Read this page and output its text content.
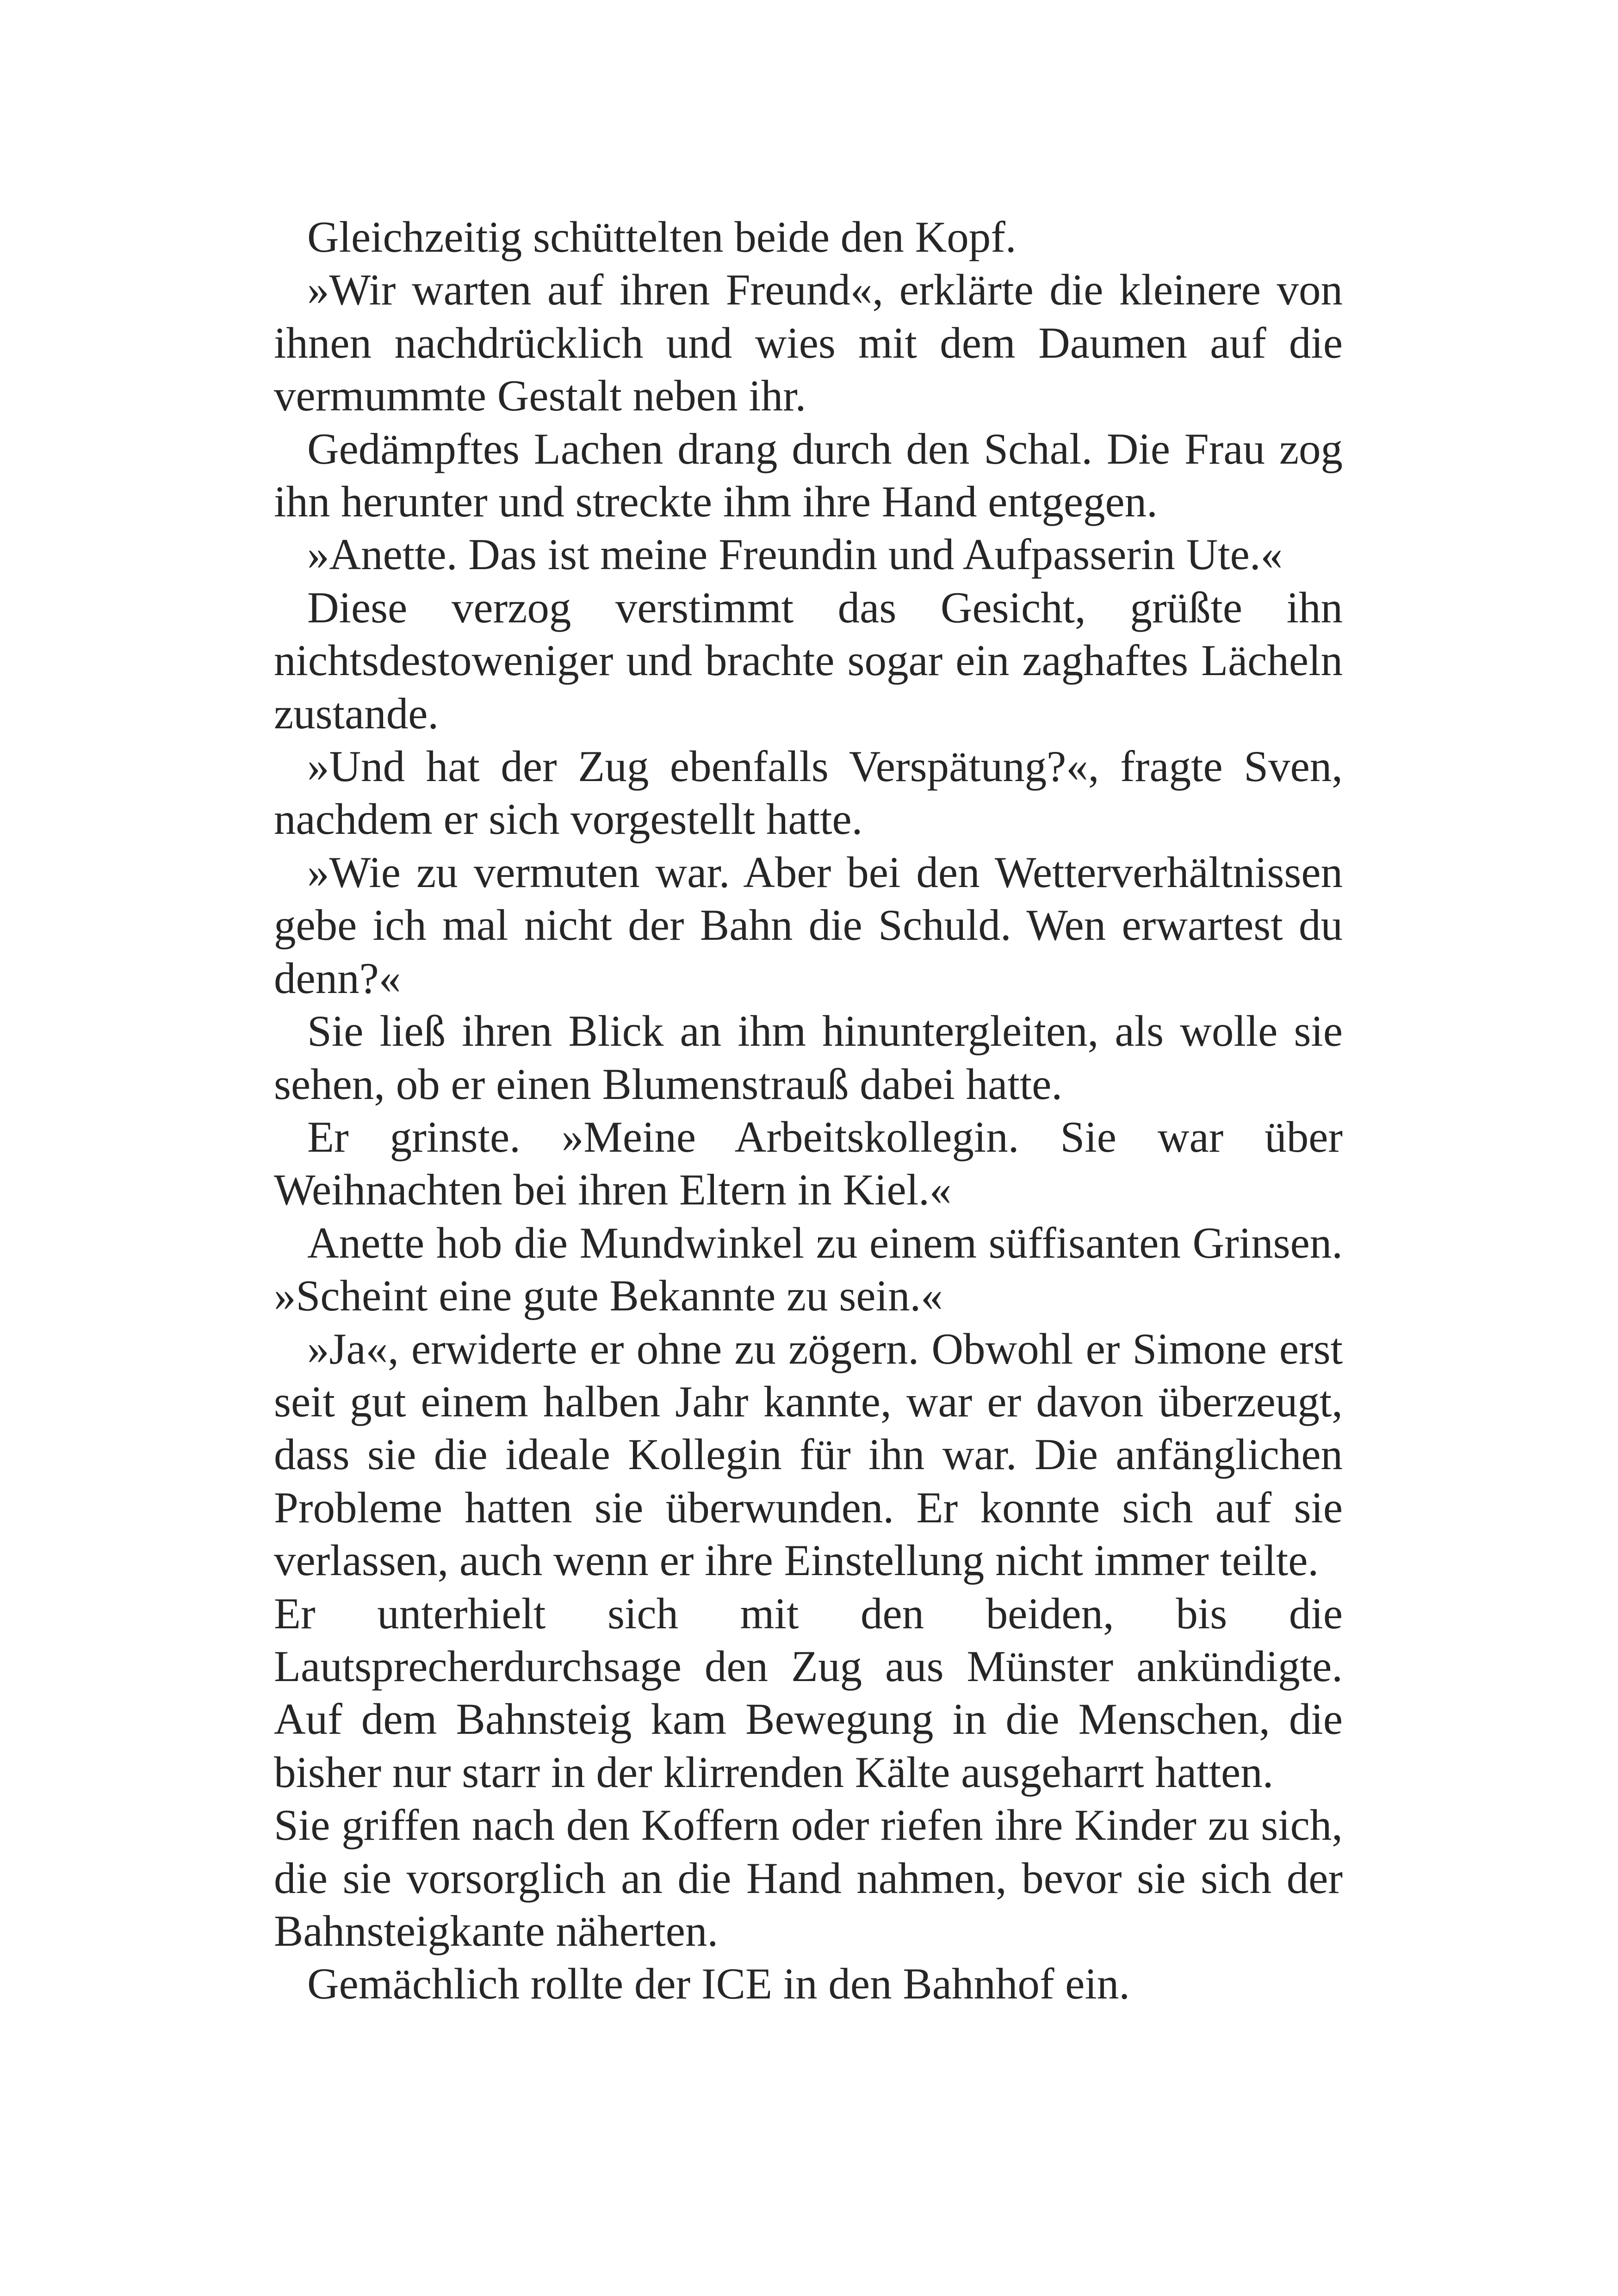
Gleichzeitig schüttelten beide den Kopf.

»Wir warten auf ihren Freund«, erklärte die kleinere von ihnen nachdrücklich und wies mit dem Daumen auf die vermummte Gestalt neben ihr.

Gedämpftes Lachen drang durch den Schal. Die Frau zog ihn herunter und streckte ihm ihre Hand entgegen.

»Anette. Das ist meine Freundin und Aufpasserin Ute.«

Diese verzog verstimmt das Gesicht, grüßte ihn nichtsdestoweniger und brachte sogar ein zaghaftes Lächeln zustande.

»Und hat der Zug ebenfalls Verspätung?«, fragte Sven, nachdem er sich vorgestellt hatte.

»Wie zu vermuten war. Aber bei den Wetterverhältnissen gebe ich mal nicht der Bahn die Schuld. Wen erwartest du denn?«

Sie ließ ihren Blick an ihm hinuntergleiten, als wolle sie sehen, ob er einen Blumenstrauß dabei hatte.

Er grinste. »Meine Arbeitskollegin. Sie war über Weihnachten bei ihren Eltern in Kiel.«

Anette hob die Mundwinkel zu einem süffisanten Grinsen. »Scheint eine gute Bekannte zu sein.«

»Ja«, erwiderte er ohne zu zögern. Obwohl er Simone erst seit gut einem halben Jahr kannte, war er davon überzeugt, dass sie die ideale Kollegin für ihn war. Die anfänglichen Probleme hatten sie überwunden. Er konnte sich auf sie verlassen, auch wenn er ihre Einstellung nicht immer teilte.

Er unterhielt sich mit den beiden, bis die Lautsprecherdurchsage den Zug aus Münster ankündigte. Auf dem Bahnsteig kam Bewegung in die Menschen, die bisher nur starr in der klirrenden Kälte ausgeharrt hatten.

Sie griffen nach den Koffern oder riefen ihre Kinder zu sich, die sie vorsorglich an die Hand nahmen, bevor sie sich der Bahnsteigkante näherten.

Gemächlich rollte der ICE in den Bahnhof ein.
